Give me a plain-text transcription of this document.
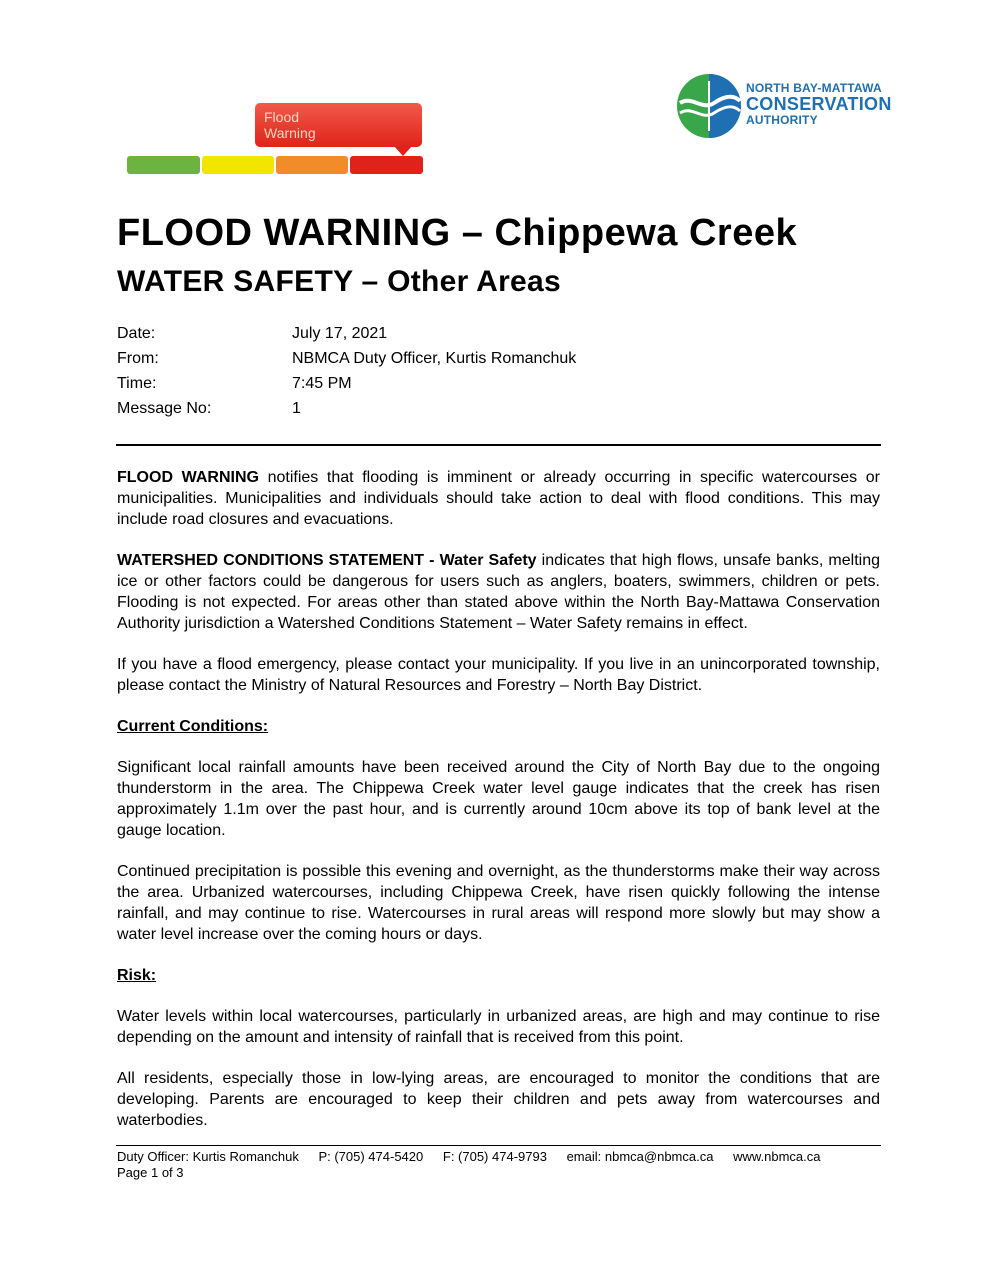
Flood Warning
NORTH BAY-MATTAWA
CONSERVATION
AUTHORITY
FLOOD WARNING – Chippewa Creek
WATER SAFETY – Other Areas
Date:	July 17, 2021
From:	NBMCA Duty Officer, Kurtis Romanchuk
Time:	7:45 PM
Message No:	1

FLOOD WARNING notifies that flooding is imminent or already occurring in specific watercourses or municipalities. Municipalities and individuals should take action to deal with flood conditions. This may include road closures and evacuations.

WATERSHED CONDITIONS STATEMENT - Water Safety indicates that high flows, unsafe banks, melting ice or other factors could be dangerous for users such as anglers, boaters, swimmers, children or pets. Flooding is not expected. For areas other than stated above within the North Bay-Mattawa Conservation Authority jurisdiction a Watershed Conditions Statement – Water Safety remains in effect.

If you have a flood emergency, please contact your municipality. If you live in an unincorporated township, please contact the Ministry of Natural Resources and Forestry – North Bay District.

Current Conditions:

Significant local rainfall amounts have been received around the City of North Bay due to the ongoing thunderstorm in the area. The Chippewa Creek water level gauge indicates that the creek has risen approximately 1.1m over the past hour, and is currently around 10cm above its top of bank level at the gauge location.

Continued precipitation is possible this evening and overnight, as the thunderstorms make their way across the area. Urbanized watercourses, including Chippewa Creek, have risen quickly following the intense rainfall, and may continue to rise. Watercourses in rural areas will respond more slowly but may show a water level increase over the coming hours or days.

Risk:

Water levels within local watercourses, particularly in urbanized areas, are high and may continue to rise depending on the amount and intensity of rainfall that is received from this point.

All residents, especially those in low-lying areas, are encouraged to monitor the conditions that are developing. Parents are encouraged to keep their children and pets away from watercourses and waterbodies.

Duty Officer: Kurtis Romanchuk P: (705) 474-5420 F: (705) 474-9793 email: nbmca@nbmca.ca www.nbmca.ca
Page 1 of 3
